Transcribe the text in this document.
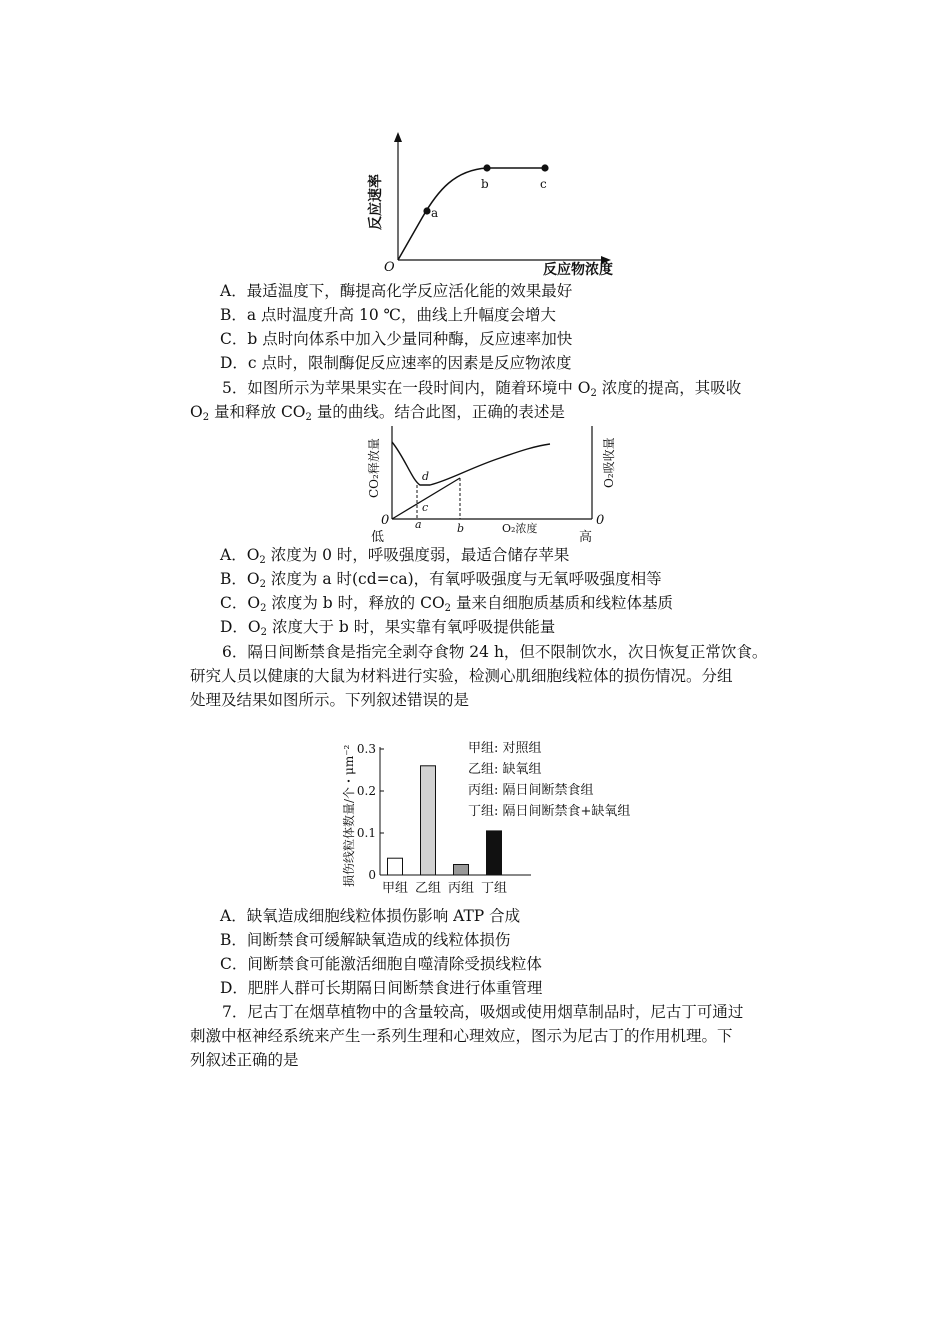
a
b	c
O
反应速率
反应物浓度
A．最适温度下，酶提高化学反应活化能的效果最好
B．a 点时温度升高 10 ℃，曲线上升幅度会增大
C．b 点时向体系中加入少量同种酶，反应速率加快
D．c 点时，限制酶促反应速率的因素是反应物浓度
5．如图所示为苹果果实在一段时间内，随着环境中 $O_2$ 浓度的提高，其吸收
$O_2$ 量和释放 $CO_2$ 量的曲线。结合此图，正确的表述是
d
c
a	b	O₂浓度
0	0
低	高
CO₂释放量	O₂吸收量
A．$O_2$ 浓度为 0 时，呼吸强度弱，最适合储存苹果
B．$O_2$ 浓度为 a 时(cd=ca)，有氧呼吸强度与无氧呼吸强度相等
C．$O_2$ 浓度为 b 时，释放的 $CO_2$ 量来自细胞质基质和线粒体基质
D．$O_2$ 浓度大于 b 时，果实靠有氧呼吸提供能量
6．隔日间断禁食是指完全剥夺食物 24 h，但不限制饮水，次日恢复正常饮食。
研究人员以健康的大鼠为材料进行实验，检测心肌细胞线粒体的损伤情况。分组
处理及结果如图所示。下列叙述错误的是
损伤线粒体数量/个・μm⁻² 0
0.1
0.2
0.3
甲组 乙组 丙组 丁组
甲组: 对照组
乙组: 缺氧组
丙组: 隔日间断禁食组
丁组: 隔日间断禁食+缺氧组
A．缺氧造成细胞线粒体损伤影响 ATP 合成
B．间断禁食可缓解缺氧造成的线粒体损伤
C．间断禁食可能激活细胞自噬清除受损线粒体
D．肥胖人群可长期隔日间断禁食进行体重管理
7．尼古丁在烟草植物中的含量较高，吸烟或使用烟草制品时，尼古丁可通过
刺激中枢神经系统来产生一系列生理和心理效应，图示为尼古丁的作用机理。下
列叙述正确的是
